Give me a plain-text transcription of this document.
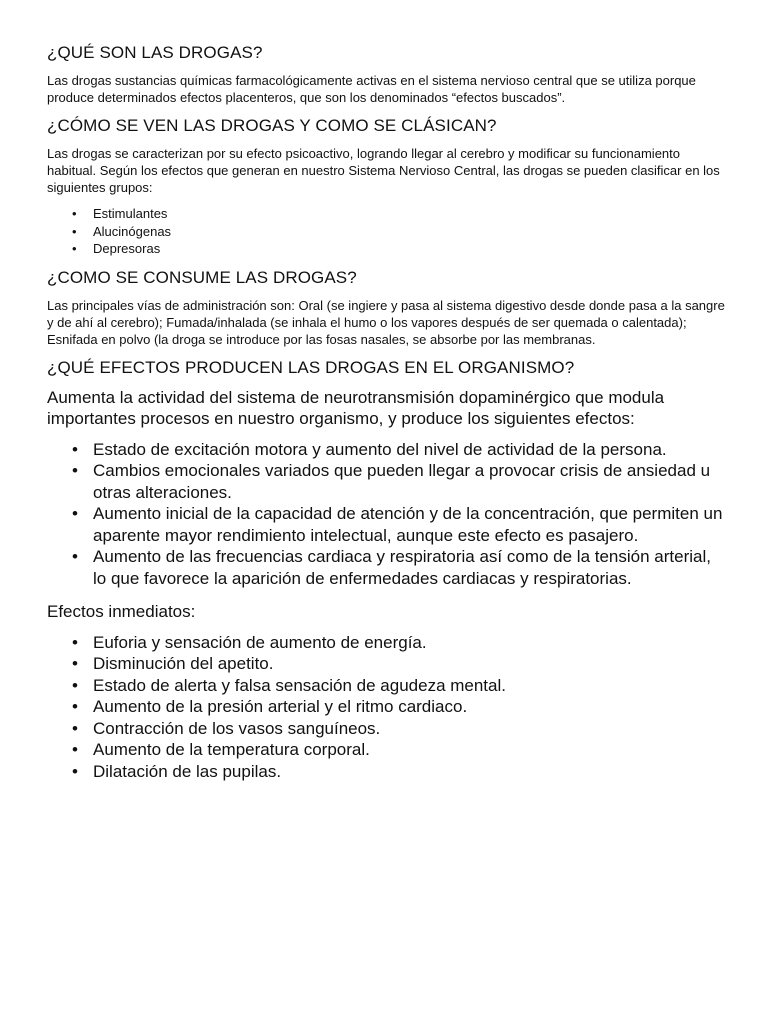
¿QUÉ SON LAS DROGAS?

Las drogas sustancias químicas farmacológicamente activas en el sistema nervioso central que se utiliza porque produce determinados efectos placenteros, que son los denominados “efectos buscados”.

¿CÓMO SE VEN LAS DROGAS Y COMO SE CLÁSICAN?

Las drogas se caracterizan por su efecto psicoactivo, logrando llegar al cerebro y modificar su funcionamiento habitual. Según los efectos que generan en nuestro Sistema Nervioso Central, las drogas se pueden clasificar en los siguientes grupos:

• Estimulantes
• Alucinógenas
• Depresoras
¿COMO SE CONSUME LAS DROGAS?

Las principales vías de administración son: Oral (se ingiere y pasa al sistema digestivo desde donde pasa a la sangre y de ahí al cerebro); Fumada/inhalada (se inhala el humo o los vapores después de ser quemada o calentada); Esnifada en polvo (la droga se introduce por las fosas nasales, se absorbe por las membranas.

¿QUÉ EFECTOS PRODUCEN LAS DROGAS EN EL ORGANISMO?

Aumenta la actividad del sistema de neurotransmisión dopaminérgico que modula importantes procesos en nuestro organismo, y produce los siguientes efectos:

• Estado de excitación motora y aumento del nivel de actividad de la persona.
• Cambios emocionales variados que pueden llegar a provocar crisis de ansiedad u otras alteraciones.
• Aumento inicial de la capacidad de atención y de la concentración, que permiten un aparente mayor rendimiento intelectual, aunque este efecto es pasajero.
• Aumento de las frecuencias cardiaca y respiratoria así como de la tensión arterial, lo que favorece la aparición de enfermedades cardiacas y respiratorias.

Efectos inmediatos:

• Euforia y sensación de aumento de energía.
• Disminución del apetito.
• Estado de alerta y falsa sensación de agudeza mental.
• Aumento de la presión arterial y el ritmo cardiaco.
• Contracción de los vasos sanguíneos.
• Aumento de la temperatura corporal.
• Dilatación de las pupilas.
